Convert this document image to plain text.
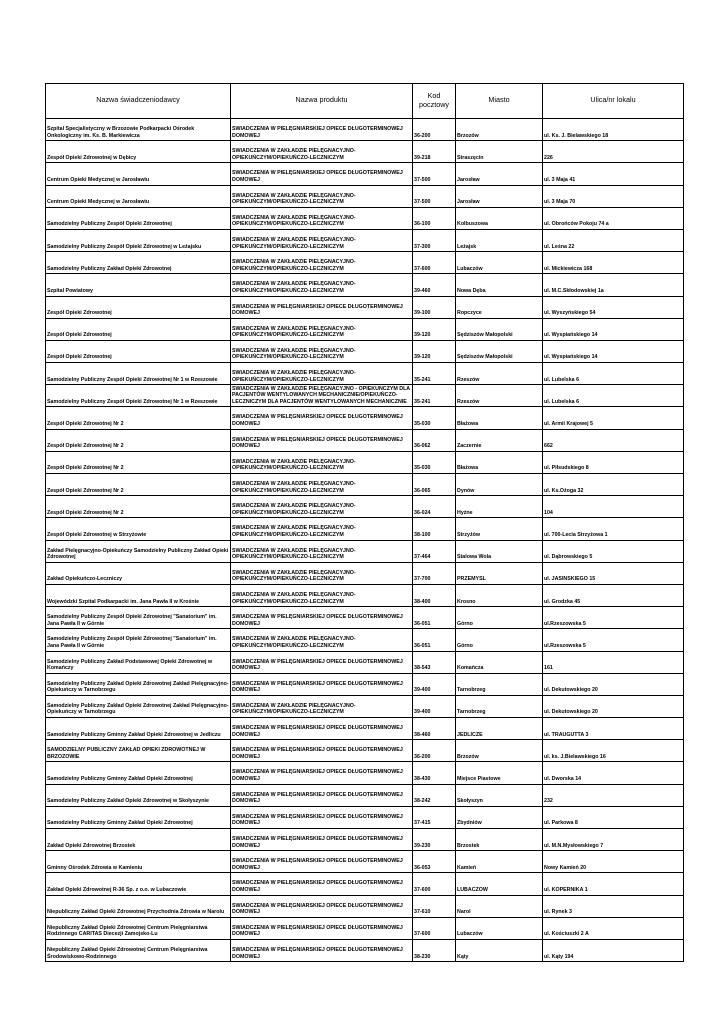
Nazwa świadczeniodawcy	Nazwa produktu	Kod pocztowy	Miasto	Ulica/nr lokalu

Szpital Specjalistyczny w Brzozowie Podkarpacki Ośrodek Onkologiczny im. Ks. B. Markiewicza	ŚWIADCZENIA W PIELĘGNIARSKIEJ OPIECE DŁUGOTERMINOWEJ DOMOWEJ	36-200	Brzozów	ul. Ks. J. Bielawskiego 18

Zespół Opieki Zdrowotnej w Dębicy	ŚWIADCZENIA W ZAKŁADZIE PIELĘGNACYJNO-OPIEKUŃCZYM/OPIEKUŃCZO-LECZNICZYM	39-218	Straszęcin	226

Centrum Opieki Medycznej w Jarosławiu	ŚWIADCZENIA W PIELĘGNIARSKIEJ OPIECE DŁUGOTERMINOWEJ DOMOWEJ	37-500	Jarosław	ul. 3 Maja 41

Centrum Opieki Medycznej w Jarosławiu	ŚWIADCZENIA W ZAKŁADZIE PIELĘGNACYJNO-OPIEKUŃCZYM/OPIEKUŃCZO-LECZNICZYM	37-500	Jarosław	ul. 3 Maja 70

Samodzielny Publiczny Zespół Opieki Zdrowotnej	ŚWIADCZENIA W ZAKŁADZIE PIELĘGNACYJNO-OPIEKUŃCZYM/OPIEKUŃCZO-LECZNICZYM	36-100	Kolbuszowa	ul. Obrońców Pokoju 74 a

Samodzielny Publiczny Zespół Opieki Zdrowotnej w Leżajsku	ŚWIADCZENIA W ZAKŁADZIE PIELĘGNACYJNO-OPIEKUŃCZYM/OPIEKUŃCZO-LECZNICZYM	37-300	Leżajsk	ul. Leśna 22

Samodzielny Publiczny Zakład Opieki Zdrowotnej	ŚWIADCZENIA W ZAKŁADZIE PIELĘGNACYJNO-OPIEKUŃCZYM/OPIEKUŃCZO-LECZNICZYM	37-600	Lubaczów	ul. Mickiewicza 168

Szpital Powiatowy	ŚWIADCZENIA W ZAKŁADZIE PIELĘGNACYJNO-OPIEKUŃCZYM/OPIEKUŃCZO-LECZNICZYM	39-460	Nowa Dęba	ul. M.C.Skłodowskiej 1a

Zespół Opieki Zdrowotnej	ŚWIADCZENIA W PIELĘGNIARSKIEJ OPIECE DŁUGOTERMINOWEJ DOMOWEJ	39-100	Ropczyce	ul. Wyszyńskiego 54

Zespół Opieki Zdrowotnej	ŚWIADCZENIA W ZAKŁADZIE PIELĘGNACYJNO-OPIEKUŃCZYM/OPIEKUŃCZO-LECZNICZYM	39-120	Sędziszów Małopolski	ul. Wyspiańskiego 14

Zespół Opieki Zdrowotnej	ŚWIADCZENIA W ZAKŁADZIE PIELĘGNACYJNO-OPIEKUŃCZYM/OPIEKUŃCZO-LECZNICZYM	39-120	Sędziszów Małopolski	ul. Wyspiańskiego 14

Samodzielny Publiczny Zespół Opieki Zdrowotnej Nr 1 w Rzeszowie	ŚWIADCZENIA W ZAKŁADZIE PIELĘGNACYJNO-OPIEKUŃCZYM/OPIEKUŃCZO-LECZNICZYM	35-241	Rzeszów	ul. Lubelska 6

Samodzielny Publiczny Zespół Opieki Zdrowotnej Nr 1 w Rzeszowie	ŚWIADCZENIA W ZAKŁADZIE PIELĘGNACYJNO - OPIEKUŃCZYM DLA PACJENTÓW WENTYLOWANYCH MECHANICZNIE/OPIEKUŃCZO-LECZNICZYM DLA PACJENTÓW WENTYLOWANYCH MECHANICZNIE	35-241	Rzeszów	ul. Lubelska 6

Zespół Opieki Zdrowotnej Nr 2	ŚWIADCZENIA W PIELĘGNIARSKIEJ OPIECE DŁUGOTERMINOWEJ DOMOWEJ	35-030	Błażowa	ul. Armii Krajowej 5

Zespół Opieki Zdrowotnej Nr 2	ŚWIADCZENIA W PIELĘGNIARSKIEJ OPIECE DŁUGOTERMINOWEJ DOMOWEJ	36-062	Zaczernie	662

Zespół Opieki Zdrowotnej Nr 2	ŚWIADCZENIA W ZAKŁADZIE PIELĘGNACYJNO-OPIEKUŃCZYM/OPIEKUŃCZO-LECZNICZYM	35-030	Błażowa	ul. Piłsudskiego 8

Zespół Opieki Zdrowotnej Nr 2	ŚWIADCZENIA W ZAKŁADZIE PIELĘGNACYJNO-OPIEKUŃCZYM/OPIEKUŃCZO-LECZNICZYM	36-065	Dynów	ul. Ks.Ożoga 32

Zespół Opieki Zdrowotnej Nr 2	ŚWIADCZENIA W ZAKŁADZIE PIELĘGNACYJNO-OPIEKUŃCZYM/OPIEKUŃCZO-LECZNICZYM	36-024	Hyżne	104

Zespół Opieki Zdrowotnej w Strzyżowie	ŚWIADCZENIA W ZAKŁADZIE PIELĘGNACYJNO-OPIEKUŃCZYM/OPIEKUŃCZO-LECZNICZYM	38-100	Strzyżów	ul. 700-Lecia Strzyżowa 1

Zakład Pielęgnacyjno-Opiekuńczy Samodzielny Publiczny Zakład Opieki Zdrowotnej	ŚWIADCZENIA W ZAKŁADZIE PIELĘGNACYJNO-OPIEKUŃCZYM/OPIEKUŃCZO-LECZNICZYM	37-464	Stalowa Wola	ul. Dąbrowskiego 5

Zakład Opiekuńczo-Leczniczy	ŚWIADCZENIA W ZAKŁADZIE PIELĘGNACYJNO-OPIEKUŃCZYM/OPIEKUŃCZO-LECZNICZYM	37-700	PRZEMYŚL	ul. JASIŃSKIEGO 15

Wojewódzki Szpital Podkarpacki im. Jana Pawła II w Krośnie	ŚWIADCZENIA W ZAKŁADZIE PIELĘGNACYJNO-OPIEKUŃCZYM/OPIEKUŃCZO-LECZNICZYM	38-400	Krosno	ul. Grodzka 45

Samodzielny Publiczny Zespół Opieki Zdrowotnej "Sanatorium" im. Jana Pawła II w Górnie	ŚWIADCZENIA W PIELĘGNIARSKIEJ OPIECE DŁUGOTERMINOWEJ DOMOWEJ	36-051	Górno	ul.Rzeszowska 5

Samodzielny Publiczny Zespół Opieki Zdrowotnej "Sanatorium" im. Jana Pawła II w Górnie	ŚWIADCZENIA W ZAKŁADZIE PIELĘGNACYJNO-OPIEKUŃCZYM/OPIEKUŃCZO-LECZNICZYM	36-051	Górno	ul.Rzeszowska 5

Samodzielny Publiczny Zakład Podstawowej Opieki Zdrowotnej w Komańczy	ŚWIADCZENIA W PIELĘGNIARSKIEJ OPIECE DŁUGOTERMINOWEJ DOMOWEJ	38-543	Komańcza	161

Samodzielny Publiczny Zakład Opieki Zdrowotnej Zakład Pielęgnacyjno-Opiekuńczy w Tarnobrzegu	ŚWIADCZENIA W PIELĘGNIARSKIEJ OPIECE DŁUGOTERMINOWEJ DOMOWEJ	39-400	Tarnobrzeg	ul. Dekutowskiego 20

Samodzielny Publiczny Zakład Opieki Zdrowotnej Zakład Pielęgnacyjno-Opiekuńczy w Tarnobrzegu	ŚWIADCZENIA W ZAKŁADZIE PIELĘGNACYJNO-OPIEKUŃCZYM/OPIEKUŃCZO-LECZNICZYM	39-400	Tarnobrzeg	ul. Dekutowskiego 20

Samodzielny Publiczny Gminny Zakład Opieki Zdrowotnej w Jedliczu	ŚWIADCZENIA W PIELĘGNIARSKIEJ OPIECE DŁUGOTERMINOWEJ DOMOWEJ	38-460	JEDLICZE	ul. TRAUGUTTA 3

SAMODZIELNY PUBLICZNY ZAKŁAD OPIEKI ZDROWOTNEJ W BRZOZOWIE	ŚWIADCZENIA W PIELĘGNIARSKIEJ OPIECE DŁUGOTERMINOWEJ DOMOWEJ	36-200	Brzozów	ul. ks. J.Bielawskiego 16

Samodzielny Publiczny Gminny Zakład Opieki Zdrowotnej	ŚWIADCZENIA W PIELĘGNIARSKIEJ OPIECE DŁUGOTERMINOWEJ DOMOWEJ	38-430	Miejsce Piastowe	ul. Dworska 14

Samodzielny Publiczny Zakład Opieki Zdrowotnej w Skołyszynie	ŚWIADCZENIA W PIELĘGNIARSKIEJ OPIECE DŁUGOTERMINOWEJ DOMOWEJ	38-242	Skołyszyn	232

Samodzielny Publiczny Gminny Zakład Opieki Zdrowotnej	ŚWIADCZENIA W PIELĘGNIARSKIEJ OPIECE DŁUGOTERMINOWEJ DOMOWEJ	37-415	Zbydniów	ul. Parkowa 8

Zakład Opieki Zdrowotnej Brzostek	ŚWIADCZENIA W PIELĘGNIARSKIEJ OPIECE DŁUGOTERMINOWEJ DOMOWEJ	39-230	Brzostek	ul. M.N.Mysłowskiego 7

Gminny Ośrodek Zdrowia w Kamieniu	ŚWIADCZENIA W PIELĘGNIARSKIEJ OPIECE DŁUGOTERMINOWEJ DOMOWEJ	36-053	Kamień	Nowy Kamień 20

Zakład Opieki Zdrowotnej R-36 Sp. z o.o. w Lubaczowie	ŚWIADCZENIA W PIELĘGNIARSKIEJ OPIECE DŁUGOTERMINOWEJ DOMOWEJ	37-600	LUBACZÓW	ul. KOPERNIKA 1

Niepubliczny Zakład Opieki Zdrowotnej Przychodnia Zdrowia w Narolu	ŚWIADCZENIA W PIELĘGNIARSKIEJ OPIECE DŁUGOTERMINOWEJ DOMOWEJ	37-610	Narol	ul. Rynek 3

Niepubliczny Zakład Opieki Zdrowotnej Centrum Pielęgniarstwa Rodzinnego CARITAS Diecezji Zamojsko-Lu	ŚWIADCZENIA W PIELĘGNIARSKIEJ OPIECE DŁUGOTERMINOWEJ DOMOWEJ	37-600	Lubaczów	ul. Kościuszki 2 A

Niepubliczny Zakład Opieki Zdrowotnej Centrum Pielęgniarstwa Środowiskowo-Rodzinnego	ŚWIADCZENIA W PIELĘGNIARSKIEJ OPIECE DŁUGOTERMINOWEJ DOMOWEJ	38-230	Kąty	ul. Kąty 194
